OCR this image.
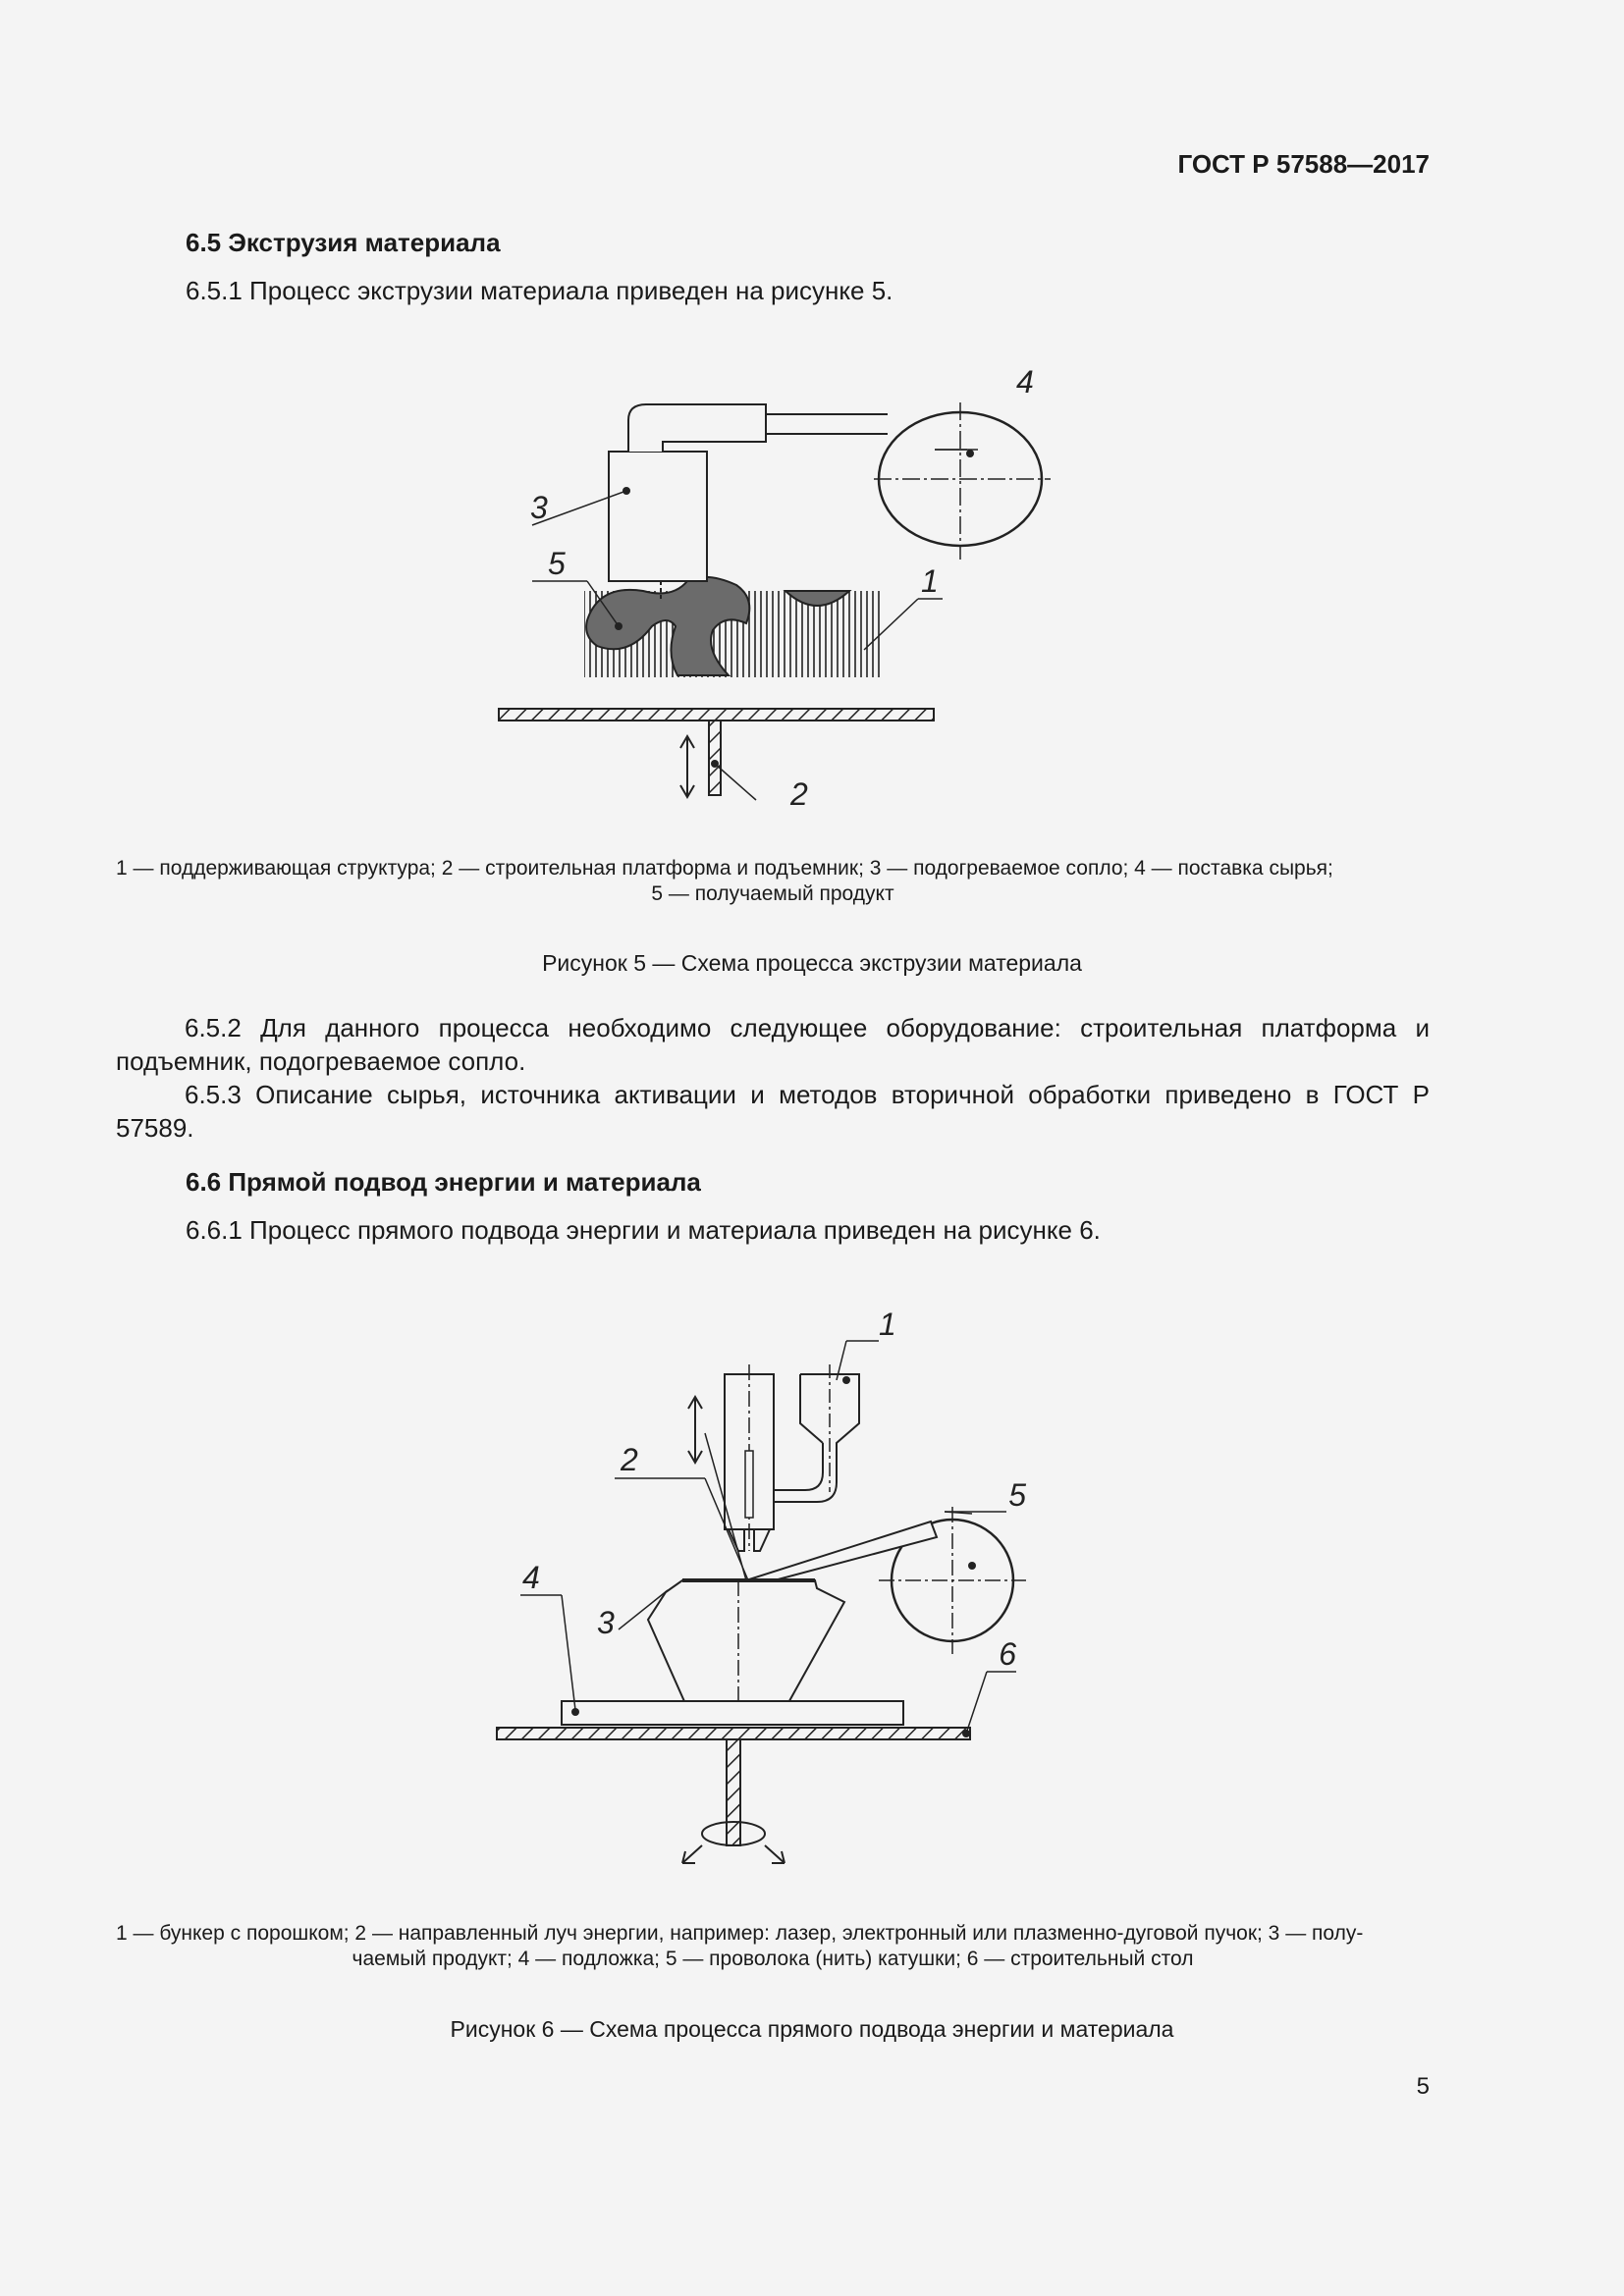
ГОСТ Р 57588—2017
6.5 Экструзия материала
6.5.1 Процесс экструзии материала приведен на рисунке 5.
3
5
4
1
2
1 — поддерживающая структура; 2 — строительная платформа и подъемник; 3 — подогреваемое сопло; 4 — поставка сырья;
5 — получаемый продукт
Рисунок 5 — Схема процесса экструзии материала
6.5.2 Для данного процесса необходимо следующее оборудование: строительная платформа и
подъемник, подогреваемое сопло.
6.5.3 Описание сырья, источника активации и методов вторичной обработки приведено в ГОСТ Р
57589.
6.6 Прямой подвод энергии и материала
6.6.1 Процесс прямого подвода энергии и материала приведен на рисунке 6.
1
2
3
4
5
6
1 — бункер с порошком; 2 — направленный луч энергии, например: лазер, электронный или плазменно-дуговой пучок; 3 — полу-
чаемый продукт; 4 — подложка; 5 — проволока (нить) катушки; 6 — строительный стол
Рисунок 6 — Схема процесса прямого подвода энергии и материала
5
